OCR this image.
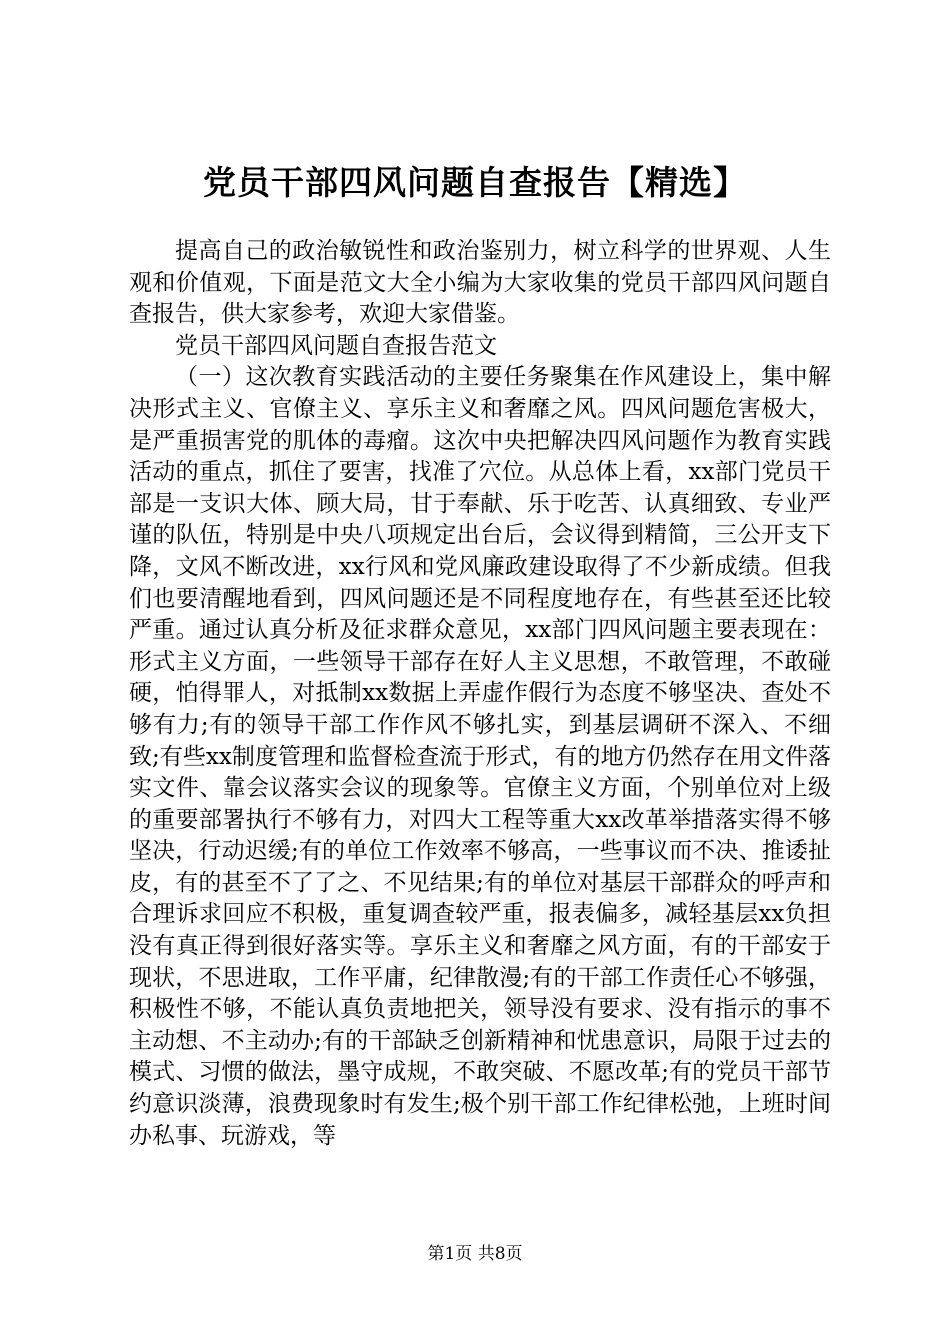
党员干部四风问题自查报告【精选】

提高自己的政治敏锐性和政治鉴别力，树立科学的世界观、人生观和价值观，下面是范文大全小编为大家收集的党员干部四风问题自查报告，供大家参考，欢迎大家借鉴。

党员干部四风问题自查报告范文

（一）这次教育实践活动的主要任务聚集在作风建设上，集中解决形式主义、官僚主义、享乐主义和奢靡之风。四风问题危害极大，是严重损害党的肌体的毒瘤。这次中央把解决四风问题作为教育实践活动的重点，抓住了要害，找准了穴位。从总体上看，xx部门党员干部是一支识大体、顾大局，甘于奉献、乐于吃苦、认真细致、专业严谨的队伍，特别是中央八项规定出台后，会议得到精简，三公开支下降，文风不断改进，xx行风和党风廉政建设取得了不少新成绩。但我们也要清醒地看到，四风问题还是不同程度地存在，有些甚至还比较严重。通过认真分析及征求群众意见，xx部门四风问题主要表现在：形式主义方面，一些领导干部存在好人主义思想，不敢管理，不敢碰硬，怕得罪人，对抵制xx数据上弄虚作假行为态度不够坚决、查处不够有力;有的领导干部工作作风不够扎实，到基层调研不深入、不细致;有些xx制度管理和监督检查流于形式，有的地方仍然存在用文件落实文件、靠会议落实会议的现象等。官僚主义方面，个别单位对上级的重要部署执行不够有力，对四大工程等重大xx改革举措落实得不够坚决，行动迟缓;有的单位工作效率不够高，一些事议而不决、推诿扯皮，有的甚至不了了之、不见结果;有的单位对基层干部群众的呼声和合理诉求回应不积极，重复调查较严重，报表偏多，减轻基层xx负担没有真正得到很好落实等。享乐主义和奢靡之风方面，有的干部安于现状，不思进取，工作平庸，纪律散漫;有的干部工作责任心不够强，积极性不够，不能认真负责地把关，领导没有要求、没有指示的事不主动想、不主动办;有的干部缺乏创新精神和忧患意识，局限于过去的模式、习惯的做法，墨守成规，不敢突破、不愿改革;有的党员干部节约意识淡薄，浪费现象时有发生;极个别干部工作纪律松弛，上班时间办私事、玩游戏，等

第1页 共8页
